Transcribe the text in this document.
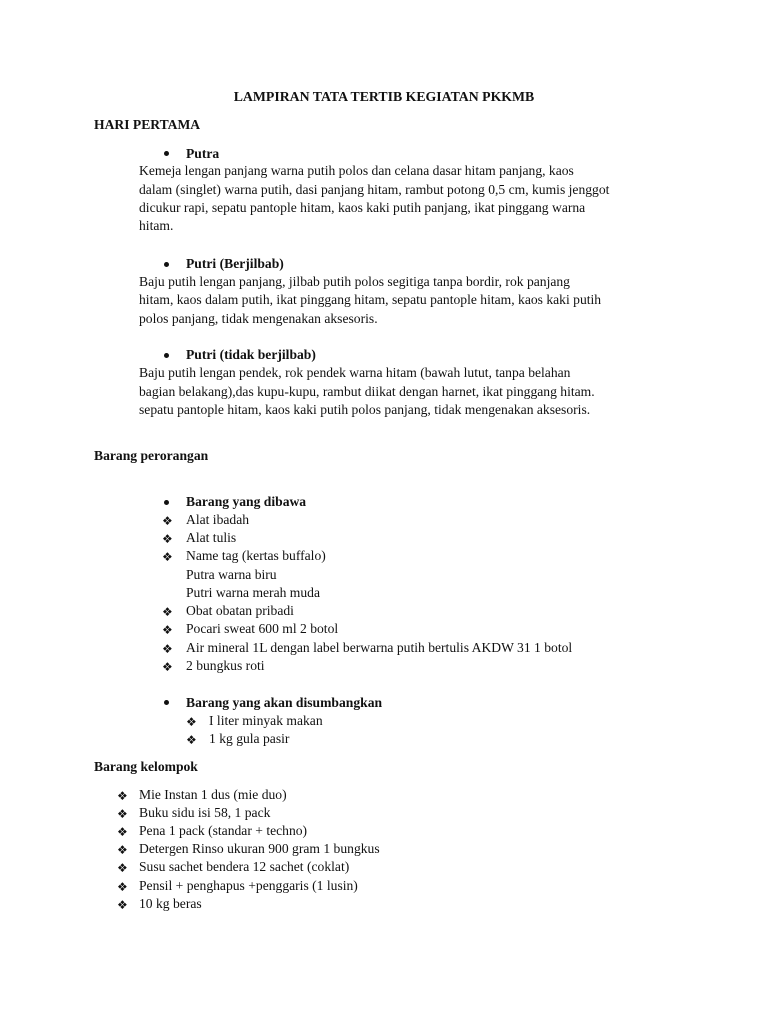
LAMPIRAN TATA TERTIB KEGIATAN PKKMB
HARI PERTAMA
Putra
Kemeja lengan panjang warna putih polos dan celana dasar hitam panjang, kaos
dalam (singlet) warna putih, dasi panjang hitam, rambut potong 0,5 cm, kumis jenggot
dicukur rapi, sepatu pantople hitam, kaos kaki putih panjang, ikat pinggang warna
hitam.
Putri (Berjilbab)
Baju putih lengan panjang, jilbab putih polos segitiga tanpa bordir, rok panjang
hitam, kaos dalam putih, ikat pinggang hitam, sepatu pantople hitam, kaos kaki putih
polos panjang, tidak mengenakan aksesoris.
Putri (tidak berjilbab)
Baju putih lengan pendek, rok pendek warna hitam (bawah lutut, tanpa belahan
bagian belakang),das kupu-kupu, rambut diikat dengan harnet, ikat pinggang hitam.
sepatu pantople hitam, kaos kaki putih polos panjang, tidak mengenakan aksesoris.
Barang perorangan
Barang yang dibawa
❖ Alat ibadah
❖ Alat tulis
❖ Name tag (kertas buffalo)
Putra warna biru
Putri warna merah muda
❖ Obat obatan pribadi
❖ Pocari sweat 600 ml 2 botol
❖ Air mineral 1L dengan label berwarna putih bertulis AKDW 31 1 botol
❖ 2 bungkus roti
Barang yang akan disumbangkan
❖ I liter minyak makan
❖ 1 kg gula pasir
Barang kelompok
❖ Mie Instan 1 dus (mie duo)
❖ Buku sidu isi 58, 1 pack
❖ Pena 1 pack (standar + techno)
❖ Detergen Rinso ukuran 900 gram 1 bungkus
❖ Susu sachet bendera 12 sachet (coklat)
❖ Pensil + penghapus +penggaris (1 lusin)
❖ 10 kg beras
